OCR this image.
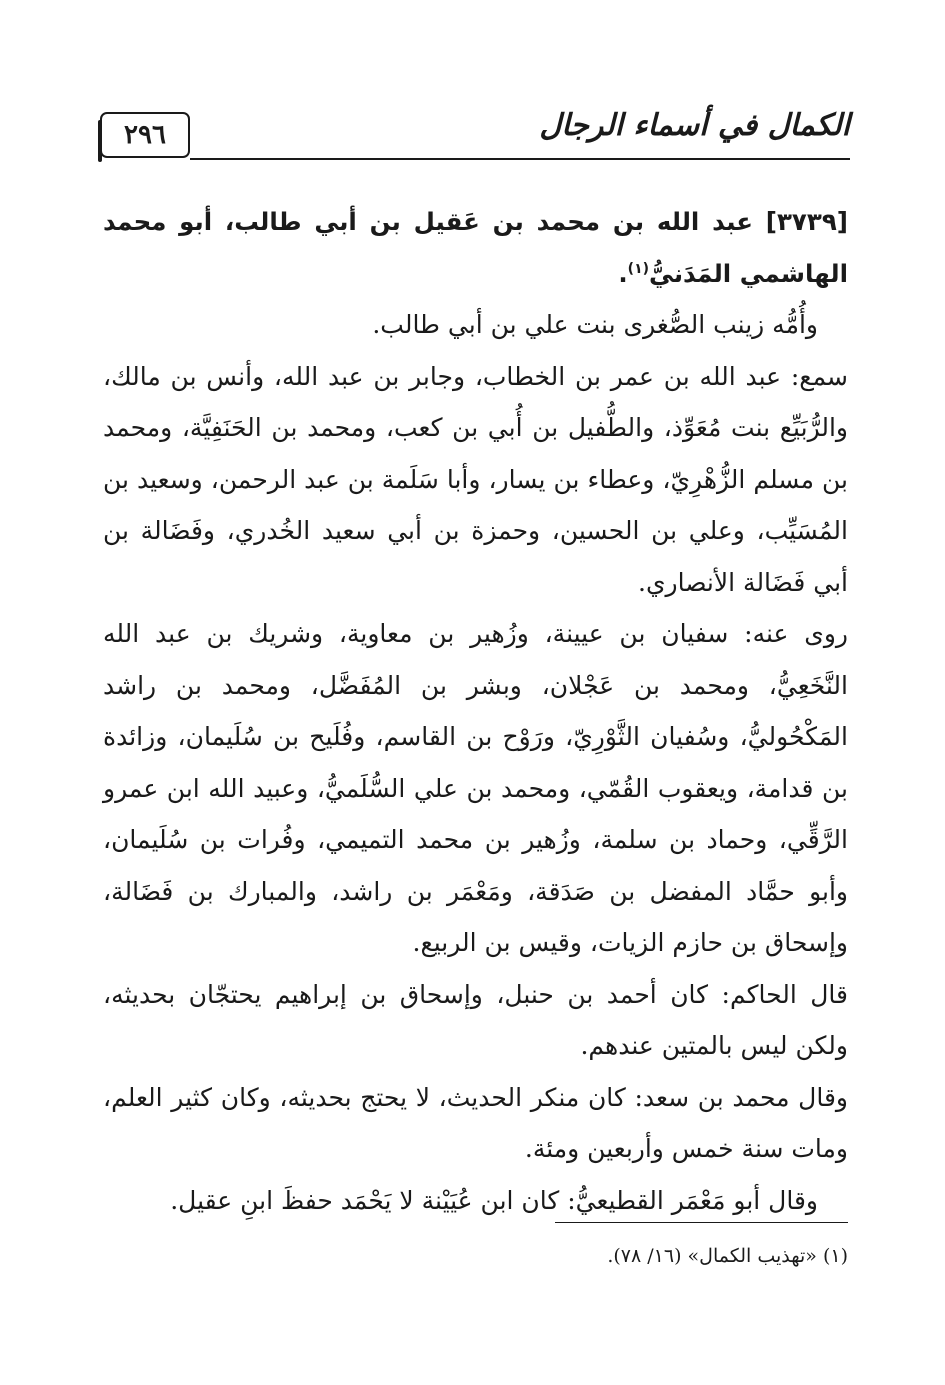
٢٩٦	الكمال في أسماء الرجال

[٣٧٣٩] عبد الله بن محمد بن عَقيل بن أبي طالب، أبو محمد الهاشمي المَدَنيُّ$^{(١)}$.

وأُمُّه زينب الصُّغرى بنت علي بن أبي طالب.

سمع: عبد الله بن عمر بن الخطاب، وجابر بن عبد الله، وأنس بن مالك، والرُّبَيِّع بنت مُعَوِّذ، والطُّفيل بن أُبي بن كعب، ومحمد بن الحَنَفِيَّة، ومحمد بن مسلم الزُّهْرِيّ، وعطاء بن يسار، وأبا سَلَمة بن عبد الرحمن، وسعيد بن المُسَيِّب، وعلي بن الحسين، وحمزة بن أبي سعيد الخُدري، وفَضَالة بن أبي فَضَالة الأنصاري.

روى عنه: سفيان بن عيينة، وزُهير بن معاوية، وشريك بن عبد الله النَّخَعِيُّ، ومحمد بن عَجْلان، وبشر بن المُفَضَّل، ومحمد بن راشد المَكْحُوليُّ، وسُفيان الثَّوْرِيّ، ورَوْح بن القاسم، وفُلَيح بن سُلَيمان، وزائدة بن قدامة، ويعقوب القُمّي، ومحمد بن علي السُّلَميُّ، وعبيد الله ابن عمرو الرَّقِّي، وحماد بن سلمة، وزُهير بن محمد التميمي، وفُرات بن سُلَيمان، وأبو حمَّاد المفضل بن صَدَقة، ومَعْمَر بن راشد، والمبارك بن فَضَالة، وإسحاق بن حازم الزيات، وقيس بن الربيع.

قال الحاكم: كان أحمد بن حنبل، وإسحاق بن إبراهيم يحتجّان بحديثه، ولكن ليس بالمتين عندهم.

وقال محمد بن سعد: كان منكر الحديث، لا يحتج بحديثه، وكان كثير العلم، ومات سنة خمس وأربعين ومئة.

وقال أبو مَعْمَر القطيعيُّ: كان ابن عُيَيْنة لا يَحْمَد حفظَ ابنِ عقيل.

(١) «تهذيب الكمال» (١٦/ ٧٨).
